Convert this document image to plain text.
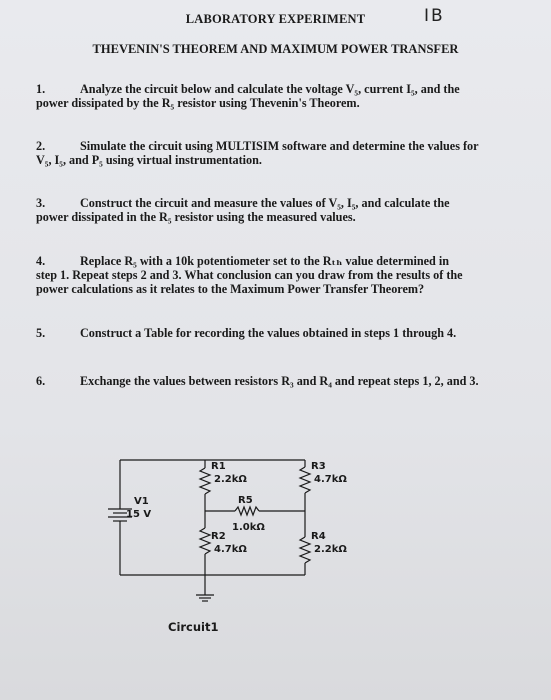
LABORATORY EXPERIMENT	IB
THEVENIN'S THEOREM AND MAXIMUM POWER TRANSFER
1.	Analyze the circuit below and calculate the voltage V₅, current I₅, and the
power dissipated by the R₅ resistor using Thevenin's Theorem.
2.	Simulate the circuit using MULTISIM software and determine the values for
V₅, I₅, and P₅ using virtual instrumentation.
3.	Construct the circuit and measure the values of V₅, I₅, and calculate the
power dissipated in the R₅ resistor using the measured values.
4.	Replace R₅ with a 10k potentiometer set to the Rₜₕ value determined in
step 1. Repeat steps 2 and 3. What conclusion can you draw from the results of the
power calculations as it relates to the Maximum Power Transfer Theorem?
5.	Construct a Table for recording the values obtained in steps 1 through 4.
6.	Exchange the values between resistors R₃ and R₄ and repeat steps 1, 2, and 3.
R1
2.2kΩ
R3
4.7kΩ
R5
1.0kΩ
R2
4.7kΩ
R4
2.2kΩ
V1
15 V
Circuit1
